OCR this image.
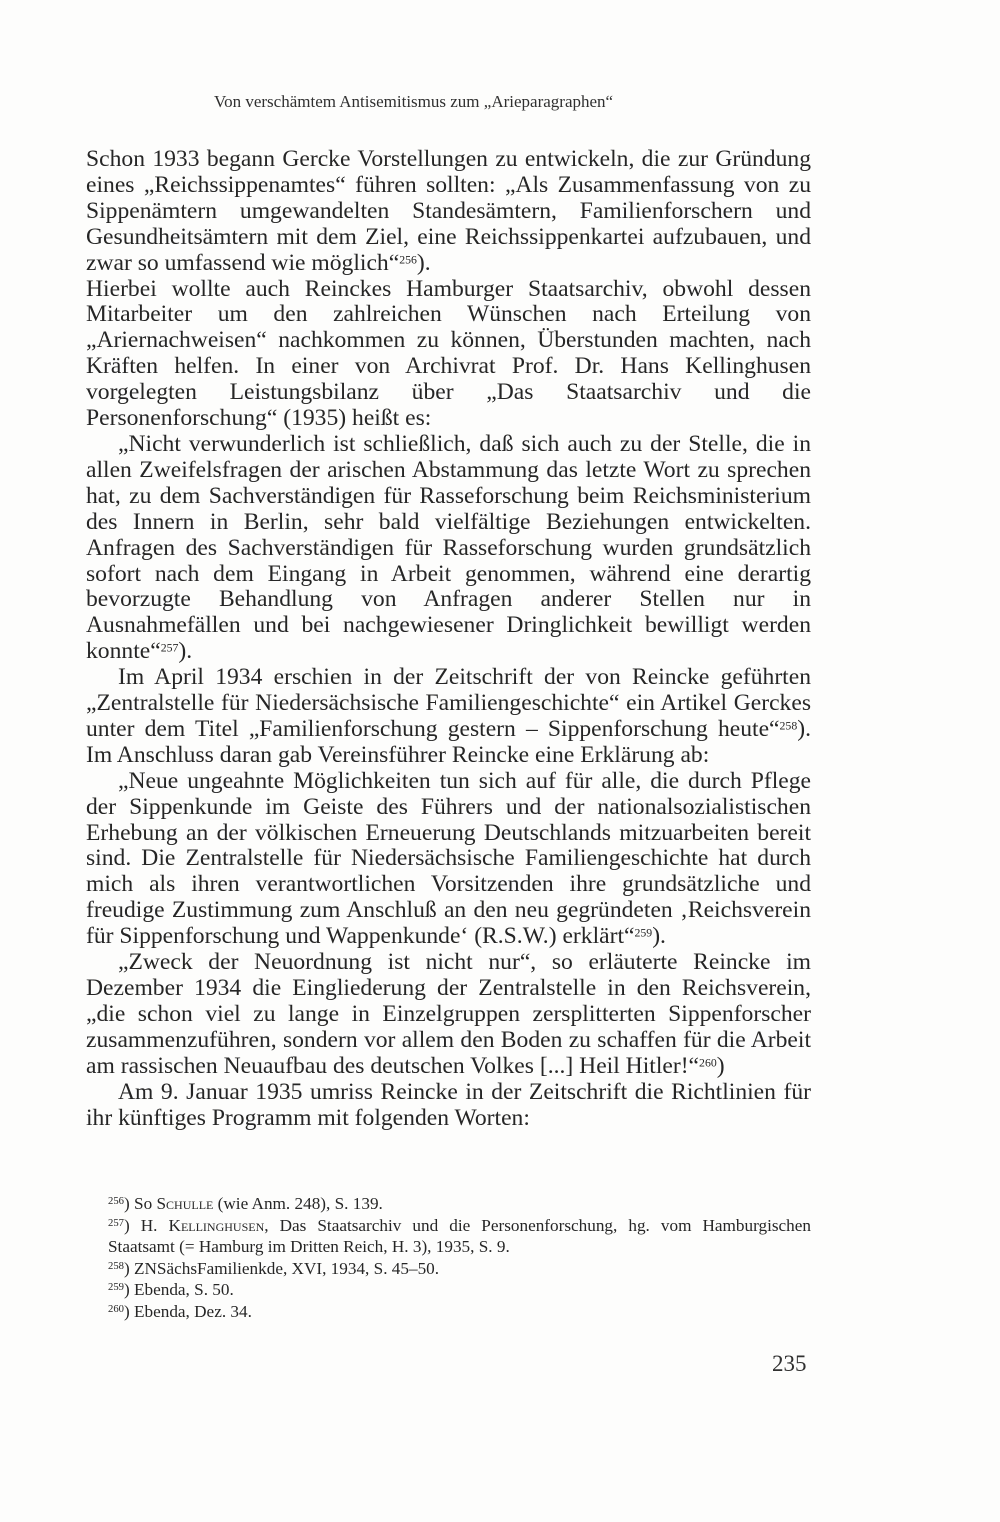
Von verschämtem Antisemitismus zum „Arieparagraphen“

Schon 1933 begann Gercke Vorstellungen zu entwickeln, die zur Gründung eines „Reichssippenamtes“ führen sollten: „Als Zusammenfassung von zu Sippenämtern umgewandelten Standesämtern, Familienforschern und Gesundheitsämtern mit dem Ziel, eine Reichssippenkartei aufzubauen, und zwar so umfassend wie möglich“$^{256}$).

Hierbei wollte auch Reinckes Hamburger Staatsarchiv, obwohl dessen Mitarbeiter um den zahlreichen Wünschen nach Erteilung von „Ariernachweisen“ nachkommen zu können, Überstunden machten, nach Kräften helfen. In einer von Archivrat Prof. Dr. Hans Kellinghusen vorgelegten Leistungsbilanz über „Das Staatsarchiv und die Personenforschung“ (1935) heißt es:

„Nicht verwunderlich ist schließlich, daß sich auch zu der Stelle, die in allen Zweifelsfragen der arischen Abstammung das letzte Wort zu sprechen hat, zu dem Sachverständigen für Rasseforschung beim Reichsministerium des Innern in Berlin, sehr bald vielfältige Beziehungen entwickelten. Anfragen des Sachverständigen für Rasseforschung wurden grundsätzlich sofort nach dem Eingang in Arbeit genommen, während eine derartig bevorzugte Behandlung von Anfragen anderer Stellen nur in Ausnahmefällen und bei nachgewiesener Dringlichkeit bewilligt werden konnte“$^{257}$).

Im April 1934 erschien in der Zeitschrift der von Reincke geführten „Zentralstelle für Niedersächsische Familiengeschichte“ ein Artikel Gerckes unter dem Titel „Familienforschung gestern – Sippenforschung heute“$^{258}$). Im Anschluss daran gab Vereinsführer Reincke eine Erklärung ab:

„Neue ungeahnte Möglichkeiten tun sich auf für alle, die durch Pflege der Sippenkunde im Geiste des Führers und der nationalsozialistischen Erhebung an der völkischen Erneuerung Deutschlands mitzuarbeiten bereit sind. Die Zentralstelle für Niedersächsische Familiengeschichte hat durch mich als ihren verantwortlichen Vorsitzenden ihre grundsätzliche und freudige Zustimmung zum Anschluß an den neu gegründeten ‚Reichsverein für Sippenforschung und Wappenkunde‘ (R.S.W.) erklärt“$^{259}$).

„Zweck der Neuordnung ist nicht nur“, so erläuterte Reincke im Dezember 1934 die Eingliederung der Zentralstelle in den Reichsverein, „die schon viel zu lange in Einzelgruppen zersplitterten Sippenforscher zusammenzuführen, sondern vor allem den Boden zu schaffen für die Arbeit am rassischen Neuaufbau des deutschen Volkes [...] Heil Hitler!“$^{260}$)

Am 9. Januar 1935 umriss Reincke in der Zeitschrift die Richtlinien für ihr künftiges Programm mit folgenden Worten:

$^{256}$) So Schulle (wie Anm. 248), S. 139.

$^{257}$) H. Kellinghusen, Das Staatsarchiv und die Personenforschung, hg. vom Hamburgischen Staatsamt (= Hamburg im Dritten Reich, H. 3), 1935, S. 9.

$^{258}$) ZNSächsFamilienkde, XVI, 1934, S. 45–50.

$^{259}$) Ebenda, S. 50.

$^{260}$) Ebenda, Dez. 34.

235
